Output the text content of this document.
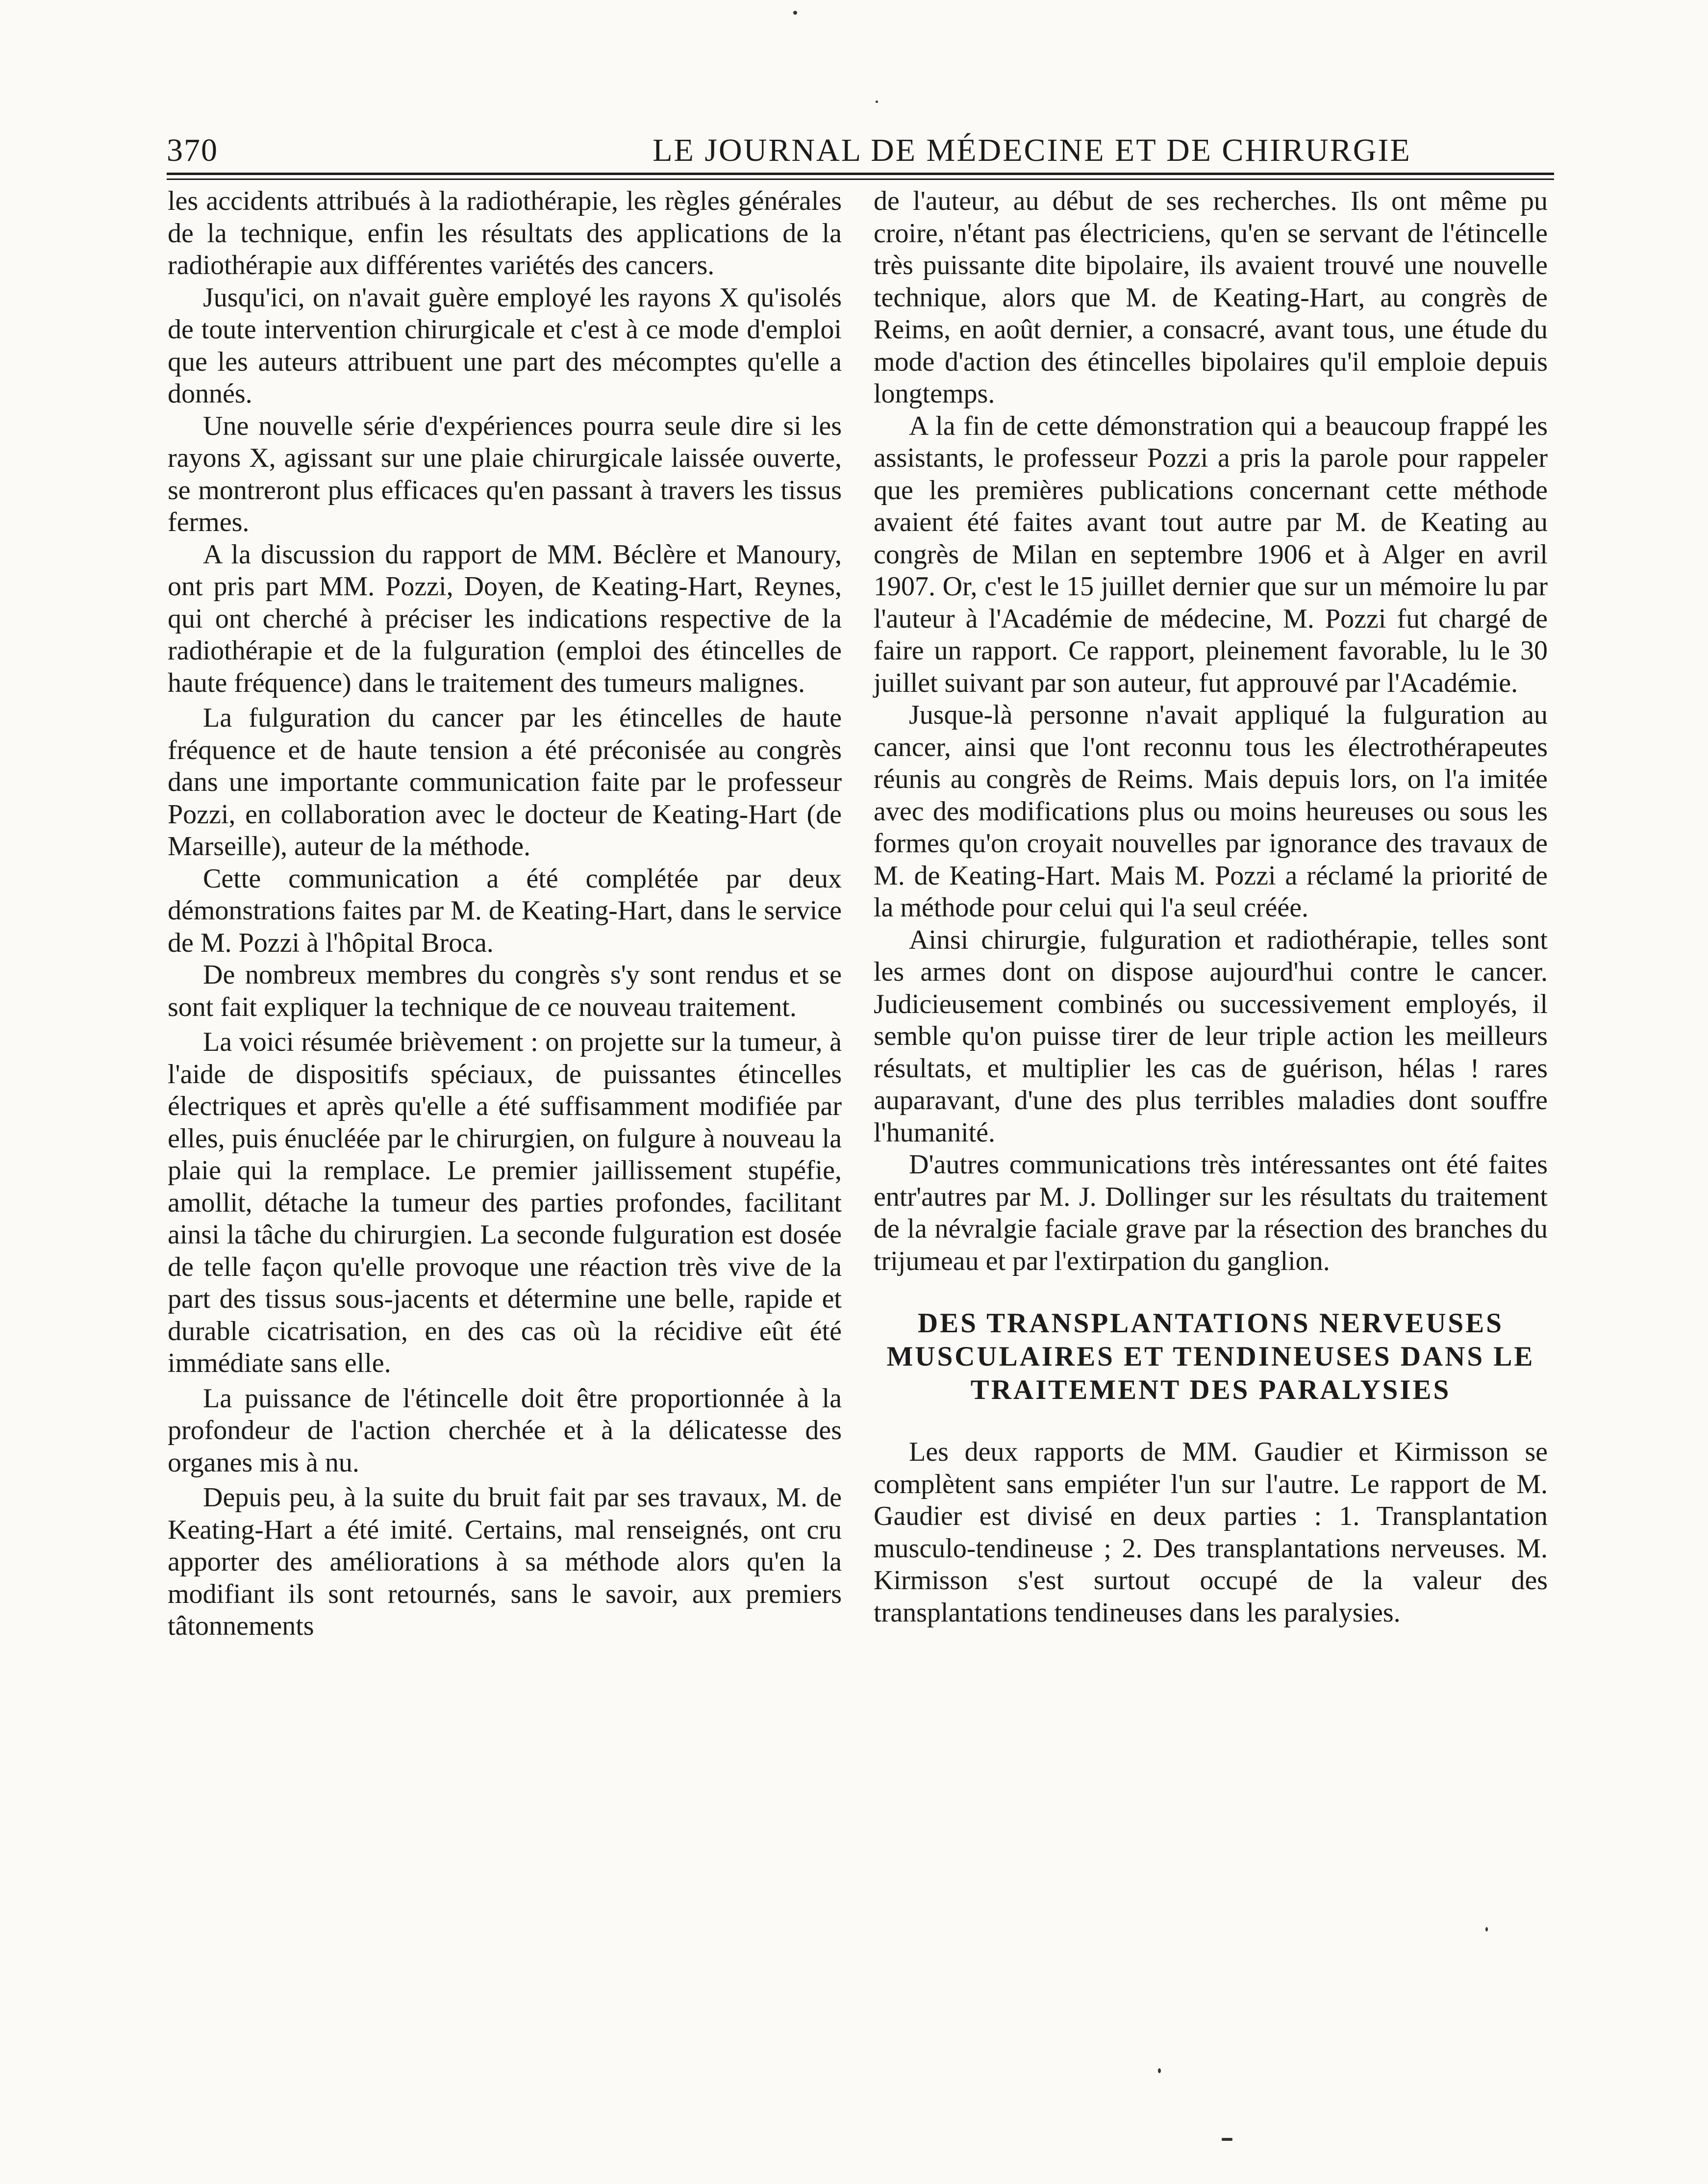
370	LE JOURNAL DE MÉDECINE ET DE CHIRURGIE

les accidents attribués à la radiothérapie, les règles générales de la technique, enfin les résultats des applications de la radiothérapie aux différentes variétés des cancers.

Jusqu'ici, on n'avait guère employé les rayons X qu'isolés de toute intervention chirurgicale et c'est à ce mode d'emploi que les auteurs attribuent une part des mécomptes qu'elle a donnés.

Une nouvelle série d'expériences pourra seule dire si les rayons X, agissant sur une plaie chirurgicale laissée ouverte, se montreront plus efficaces qu'en passant à travers les tissus fermes.

A la discussion du rapport de MM. Béclère et Manoury, ont pris part MM. Pozzi, Doyen, de Keating-Hart, Reynes, qui ont cherché à préciser les indications respective de la radiothérapie et de la fulguration (emploi des étincelles de haute fréquence) dans le traitement des tumeurs malignes.

La fulguration du cancer par les étincelles de haute fréquence et de haute tension a été préconisée au congrès dans une importante communication faite par le professeur Pozzi, en collaboration avec le docteur de Keating-Hart (de Marseille), auteur de la méthode.

Cette communication a été complétée par deux démonstrations faites par M. de Keating-Hart, dans le service de M. Pozzi à l'hôpital Broca.

De nombreux membres du congrès s'y sont rendus et se sont fait expliquer la technique de ce nouveau traitement.

La voici résumée brièvement : on projette sur la tumeur, à l'aide de dispositifs spéciaux, de puissantes étincelles électriques et après qu'elle a été suffisamment modifiée par elles, puis énucléée par le chirurgien, on fulgure à nouveau la plaie qui la remplace. Le premier jaillissement stupéfie, amollit, détache la tumeur des parties profondes, facilitant ainsi la tâche du chirurgien. La seconde fulguration est dosée de telle façon qu'elle provoque une réaction très vive de la part des tissus sous-jacents et détermine une belle, rapide et durable cicatrisation, en des cas où la récidive eût été immédiate sans elle.

La puissance de l'étincelle doit être proportionnée à la profondeur de l'action cherchée et à la délicatesse des organes mis à nu.

Depuis peu, à la suite du bruit fait par ses travaux, M. de Keating-Hart a été imité. Certains, mal renseignés, ont cru apporter des améliorations à sa méthode alors qu'en la modifiant ils sont retournés, sans le savoir, aux premiers tâtonnements

de l'auteur, au début de ses recherches. Ils ont même pu croire, n'étant pas électriciens, qu'en se servant de l'étincelle très puissante dite bipolaire, ils avaient trouvé une nouvelle technique, alors que M. de Keating-Hart, au congrès de Reims, en août dernier, a consacré, avant tous, une étude du mode d'action des étincelles bipolaires qu'il emploie depuis longtemps.

A la fin de cette démonstration qui a beaucoup frappé les assistants, le professeur Pozzi a pris la parole pour rappeler que les premières publications concernant cette méthode avaient été faites avant tout autre par M. de Keating au congrès de Milan en septembre 1906 et à Alger en avril 1907. Or, c'est le 15 juillet dernier que sur un mémoire lu par l'auteur à l'Académie de médecine, M. Pozzi fut chargé de faire un rapport. Ce rapport, pleinement favorable, lu le 30 juillet suivant par son auteur, fut approuvé par l'Académie.

Jusque-là personne n'avait appliqué la fulguration au cancer, ainsi que l'ont reconnu tous les électrothérapeutes réunis au congrès de Reims. Mais depuis lors, on l'a imitée avec des modifications plus ou moins heureuses ou sous les formes qu'on croyait nouvelles par ignorance des travaux de M. de Keating-Hart. Mais M. Pozzi a réclamé la priorité de la méthode pour celui qui l'a seul créée.

Ainsi chirurgie, fulguration et radiothérapie, telles sont les armes dont on dispose aujourd'hui contre le cancer. Judicieusement combinés ou successivement employés, il semble qu'on puisse tirer de leur triple action les meilleurs résultats, et multiplier les cas de guérison, hélas ! rares auparavant, d'une des plus terribles maladies dont souffre l'humanité.

D'autres communications très intéressantes ont été faites entr'autres par M. J. Dollinger sur les résultats du traitement de la névralgie faciale grave par la résection des branches du trijumeau et par l'extirpation du ganglion.

DES TRANSPLANTATIONS NERVEUSES MUSCULAIRES ET TENDINEUSES DANS LE TRAITEMENT DES PARALYSIES

Les deux rapports de MM. Gaudier et Kirmisson se complètent sans empiéter l'un sur l'autre. Le rapport de M. Gaudier est divisé en deux parties : 1. Transplantation musculo-tendineuse ; 2. Des transplantations nerveuses. M. Kirmisson s'est surtout occupé de la valeur des transplantations tendineuses dans les paralysies.
